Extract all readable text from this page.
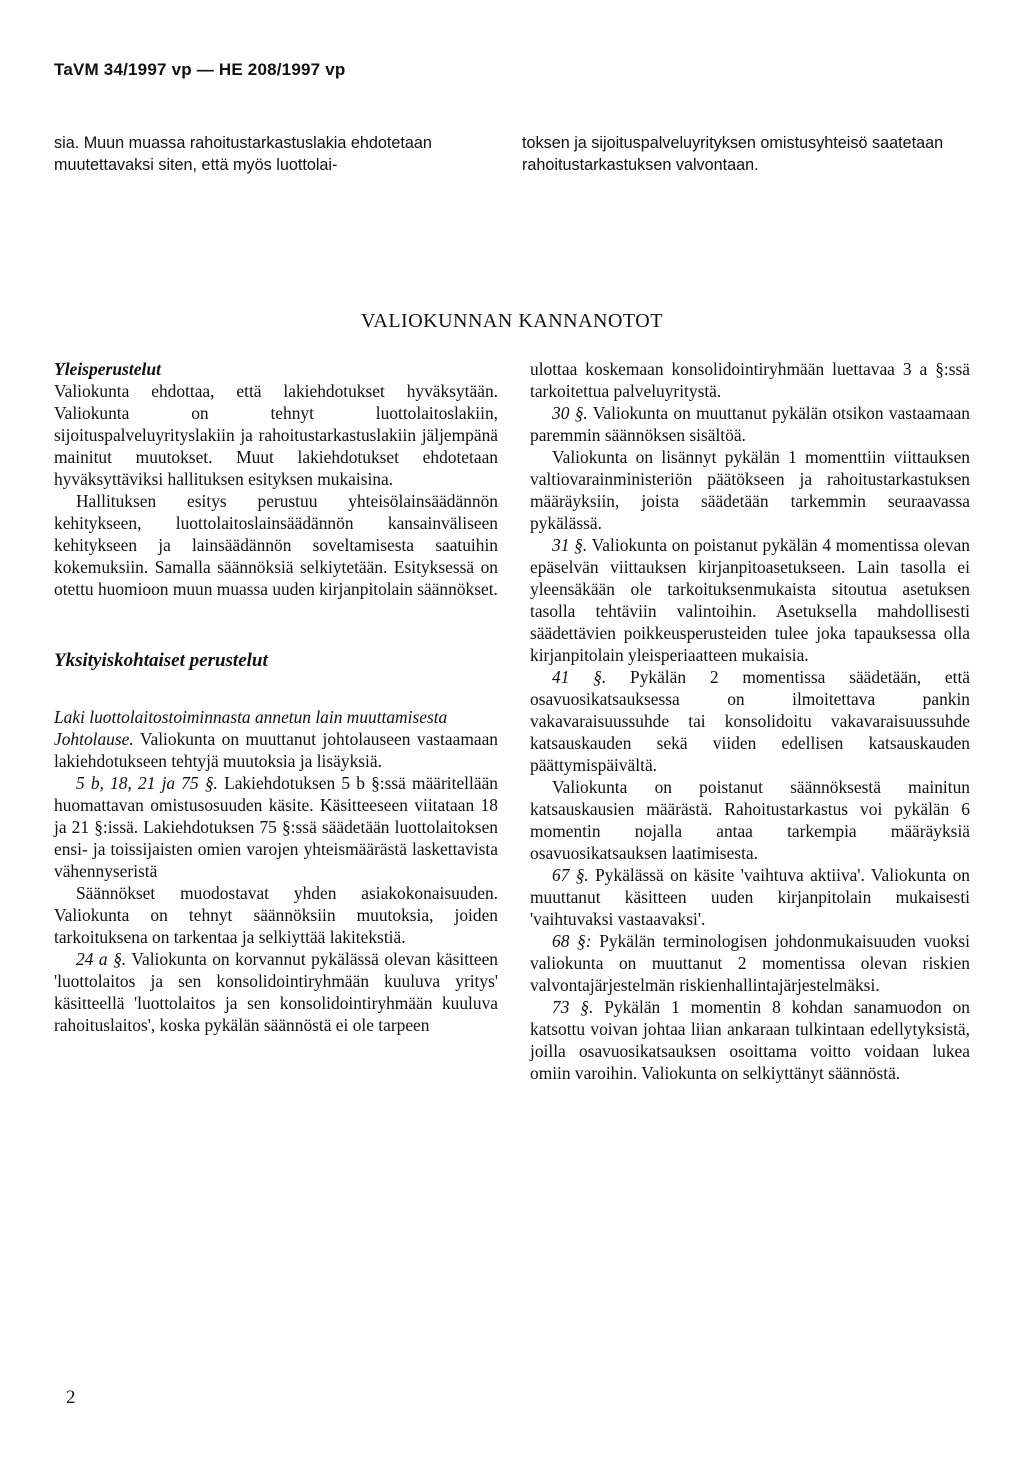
TaVM 34/1997 vp — HE 208/1997 vp

sia. Muun muassa rahoitustarkastuslakia ehdotetaan muutettavaksi siten, että myös luottolai-

toksen ja sijoituspalveluyrityksen omistusyhteisö saatetaan rahoitustarkastuksen valvontaan.

VALIOKUNNAN KANNANOTOT
Yleisperustelut

Valiokunta ehdottaa, että lakiehdotukset hyväksytään. Valiokunta on tehnyt luottolaitoslakiin, sijoituspalveluyrityslakiin ja rahoitustarkastuslakiin jäljempänä mainitut muutokset. Muut lakiehdotukset ehdotetaan hyväksyttäviksi hallituksen esityksen mukaisina.

Hallituksen esitys perustuu yhteisölainsäädännön kehitykseen, luottolaitoslainsäädännön kansainväliseen kehitykseen ja lainsäädännön soveltamisesta saatuihin kokemuksiin. Samalla säännöksiä selkiytetään. Esityksessä on otettu huomioon muun muassa uuden kirjanpitolain säännökset.

Yksityiskohtaiset perustelut

Laki luottolaitostoiminnasta annetun lain muuttamisesta

Johtolause. Valiokunta on muuttanut johtolauseen vastaamaan lakiehdotukseen tehtyjä muutoksia ja lisäyksiä.

5 b, 18, 21 ja 75 §. Lakiehdotuksen 5 b §:ssä määritellään huomattavan omistusosuuden käsite. Käsitteeseen viitataan 18 ja 21 §:issä. Lakiehdotuksen 75 §:ssä säädetään luottolaitoksen ensi- ja toissijaisten omien varojen yhteismäärästä laskettavista vähennyseristä

Säännökset muodostavat yhden asiakokonaisuuden. Valiokunta on tehnyt säännöksiin muutoksia, joiden tarkoituksena on tarkentaa ja selkiyttää lakitekstiä.

24 a §. Valiokunta on korvannut pykälässä olevan käsitteen 'luottolaitos ja sen konsolidointiryhmään kuuluva yritys' käsitteellä 'luottolaitos ja sen konsolidointiryhmään kuuluva rahoituslaitos', koska pykälän säännöstä ei ole tarpeen

ulottaa koskemaan konsolidointiryhmään luettavaa 3 a §:ssä tarkoitettua palveluyritystä.

30 §. Valiokunta on muuttanut pykälän otsikon vastaamaan paremmin säännöksen sisältöä.

Valiokunta on lisännyt pykälän 1 momenttiin viittauksen valtiovarainministeriön päätökseen ja rahoitustarkastuksen määräyksiin, joista säädetään tarkemmin seuraavassa pykälässä.

31 §. Valiokunta on poistanut pykälän 4 momentissa olevan epäselvän viittauksen kirjanpitoasetukseen. Lain tasolla ei yleensäkään ole tarkoituksenmukaista sitoutua asetuksen tasolla tehtäviin valintoihin. Asetuksella mahdollisesti säädettävien poikkeusperusteiden tulee joka tapauksessa olla kirjanpitolain yleisperiaatteen mukaisia.

41 §. Pykälän 2 momentissa säädetään, että osavuosikatsauksessa on ilmoitettava pankin vakavaraisuussuhde tai konsolidoitu vakavaraisuussuhde katsauskauden sekä viiden edellisen katsauskauden päättymispäivältä.

Valiokunta on poistanut säännöksestä mainitun katsauskausien määrästä. Rahoitustarkastus voi pykälän 6 momentin nojalla antaa tarkempia määräyksiä osavuosikatsauksen laatimisesta.

67 §. Pykälässä on käsite 'vaihtuva aktiiva'. Valiokunta on muuttanut käsitteen uuden kirjanpitolain mukaisesti 'vaihtuvaksi vastaavaksi'.

68 §: Pykälän terminologisen johdonmukaisuuden vuoksi valiokunta on muuttanut 2 momentissa olevan riskien valvontajärjestelmän riskienhallintajärjestelmäksi.

73 §. Pykälän 1 momentin 8 kohdan sanamuodon on katsottu voivan johtaa liian ankaraan tulkintaan edellytyksistä, joilla osavuosikatsauksen osoittama voitto voidaan lukea omiin varoihin. Valiokunta on selkiyttänyt säännöstä.

2
